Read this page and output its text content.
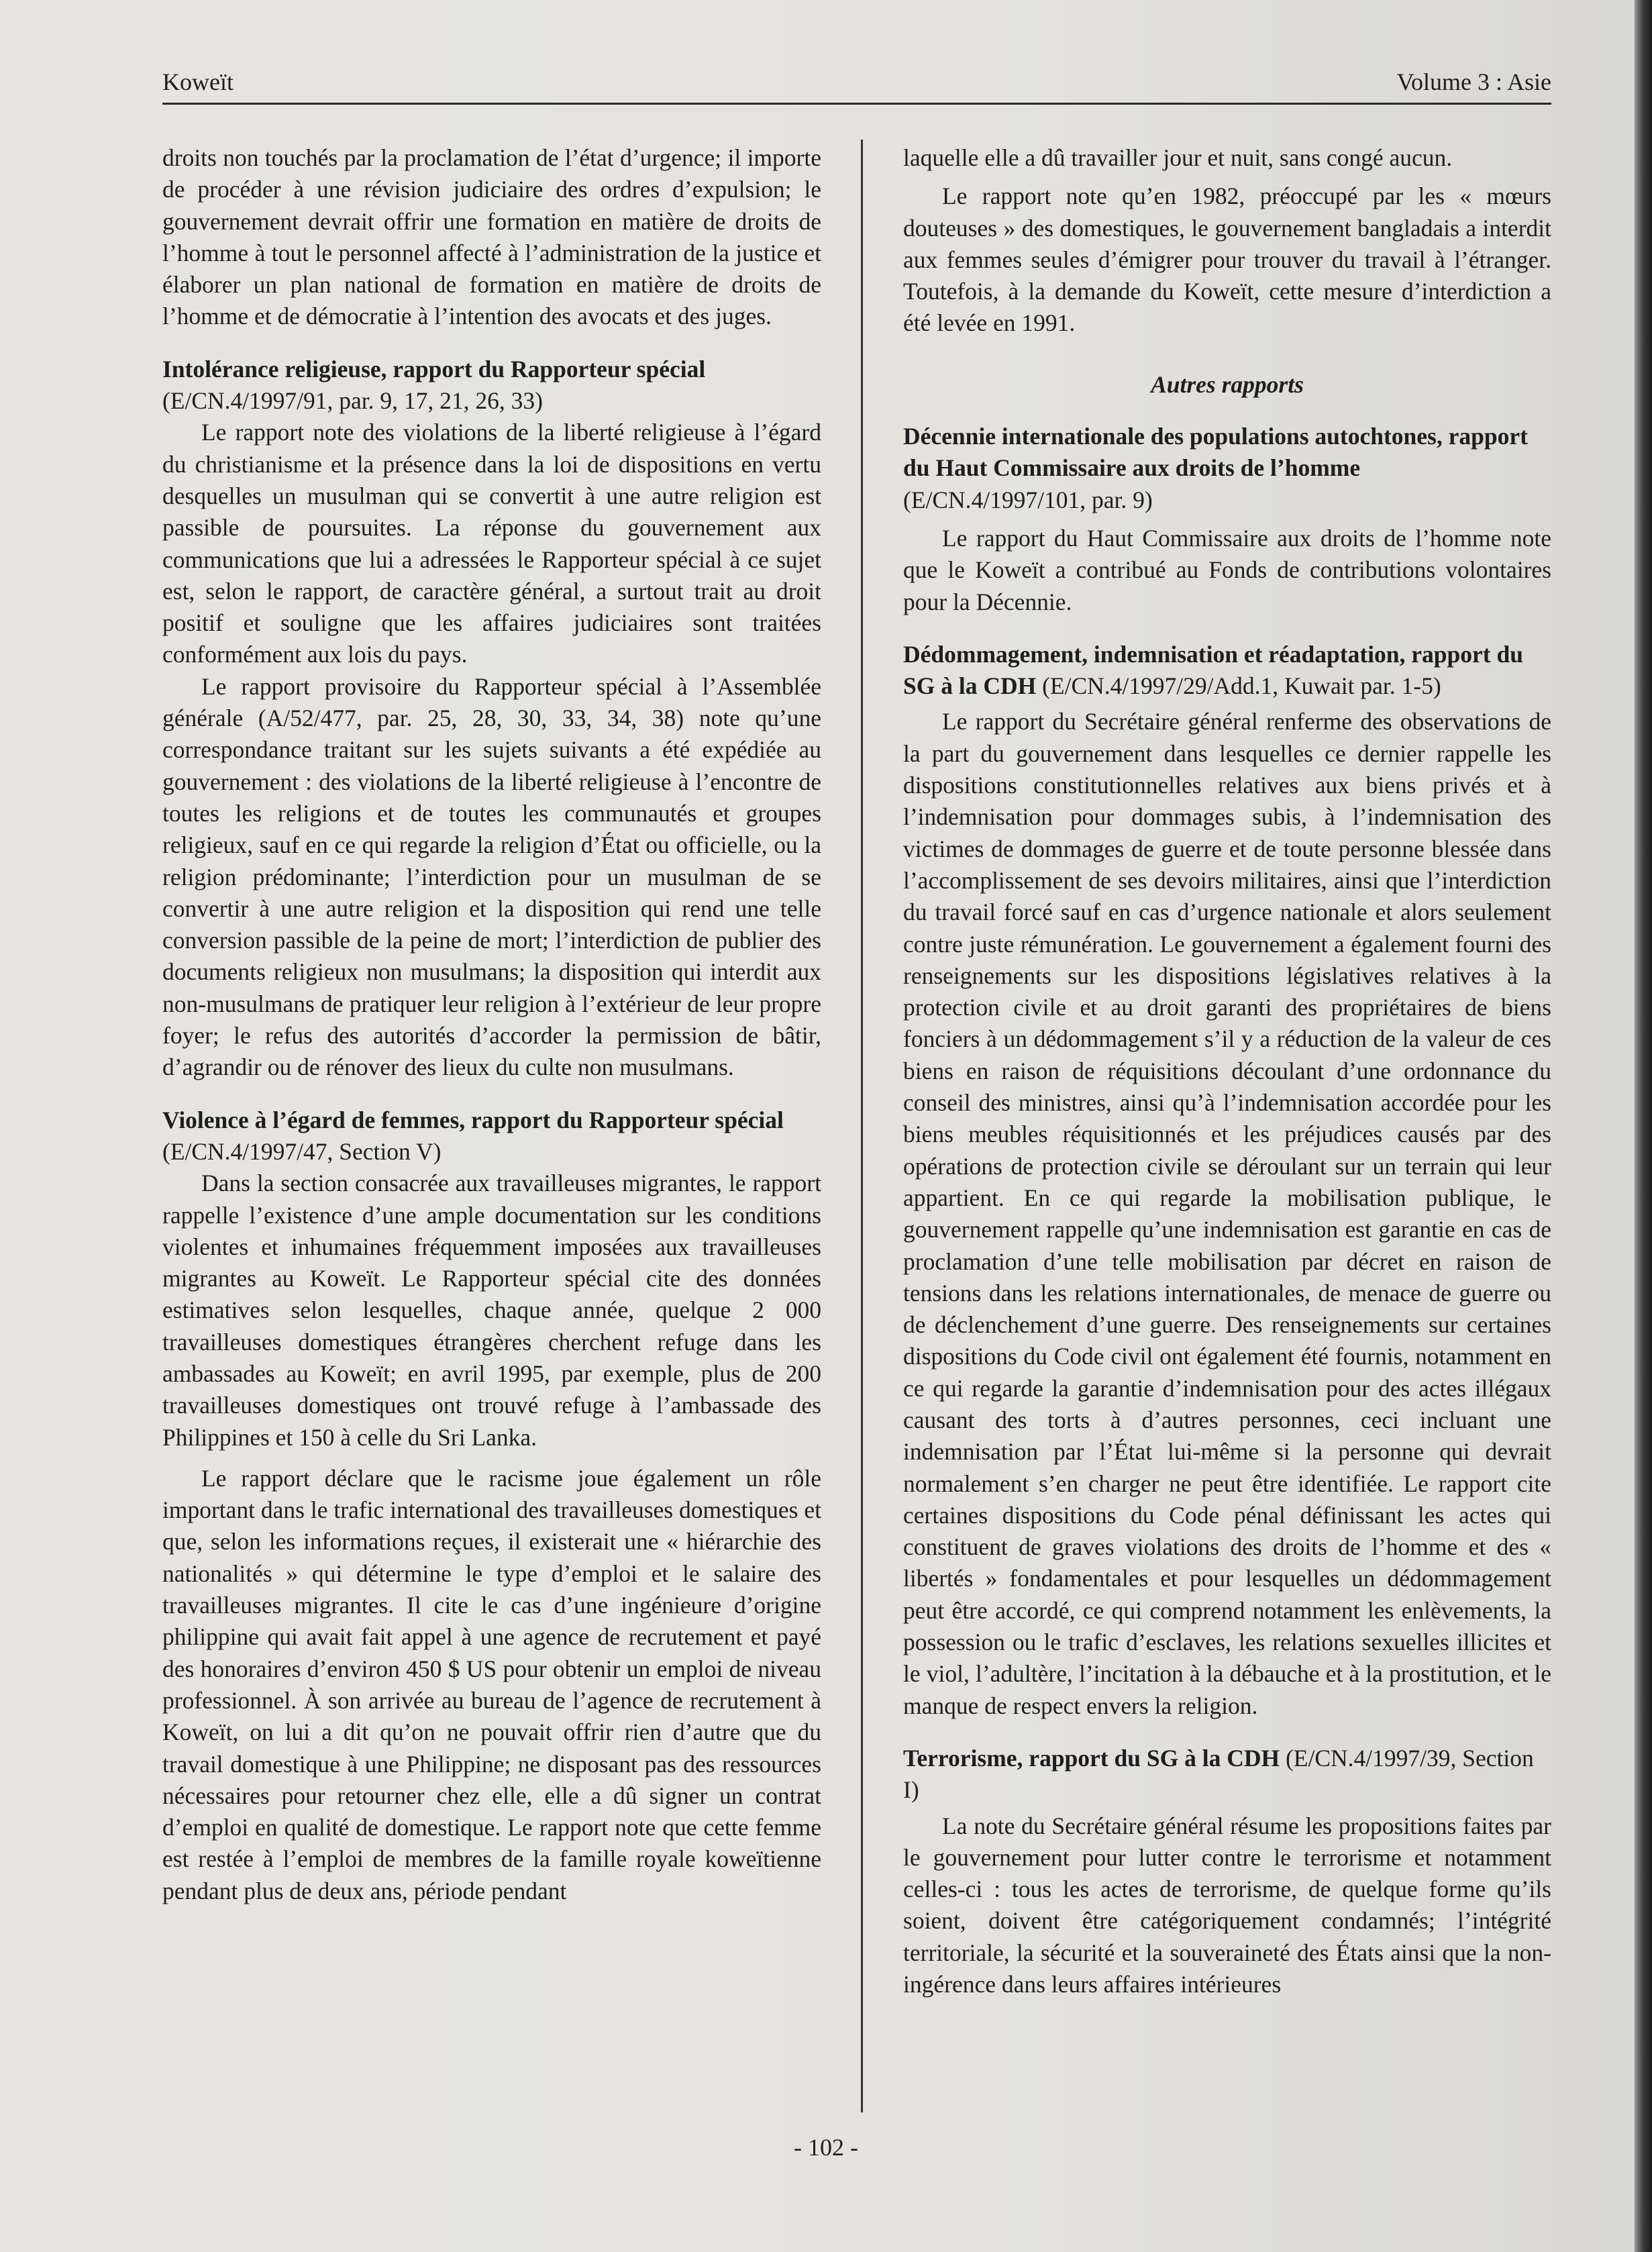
Koweït	Volume 3 : Asie

droits non touchés par la proclamation de l’état d’urgence; il importe de procéder à une révision judiciaire des ordres d’expulsion; le gouvernement devrait offrir une formation en matière de droits de l’homme à tout le personnel affecté à l’administration de la justice et élaborer un plan national de formation en matière de droits de l’homme et de démocratie à l’intention des avocats et des juges.

Intolérance religieuse, rapport du Rapporteur spécial
(E/CN.4/1997/91, par. 9, 17, 21, 26, 33)

Le rapport note des violations de la liberté religieuse à l’égard du christianisme et la présence dans la loi de dispositions en vertu desquelles un musulman qui se convertit à une autre religion est passible de poursuites. La réponse du gouvernement aux communications que lui a adressées le Rapporteur spécial à ce sujet est, selon le rapport, de caractère général, a surtout trait au droit positif et souligne que les affaires judiciaires sont traitées conformément aux lois du pays.

Le rapport provisoire du Rapporteur spécial à l’Assemblée générale (A/52/477, par. 25, 28, 30, 33, 34, 38) note qu’une correspondance traitant sur les sujets suivants a été expédiée au gouvernement : des violations de la liberté religieuse à l’encontre de toutes les religions et de toutes les communautés et groupes religieux, sauf en ce qui regarde la religion d’État ou officielle, ou la religion prédominante; l’interdiction pour un musulman de se convertir à une autre religion et la disposition qui rend une telle conversion passible de la peine de mort; l’interdiction de publier des documents religieux non musulmans; la disposition qui interdit aux non-musulmans de pratiquer leur religion à l’extérieur de leur propre foyer; le refus des autorités d’accorder la permission de bâtir, d’agrandir ou de rénover des lieux du culte non musulmans.

Violence à l’égard de femmes, rapport du Rapporteur spécial (E/CN.4/1997/47, Section V)

Dans la section consacrée aux travailleuses migrantes, le rapport rappelle l’existence d’une ample documentation sur les conditions violentes et inhumaines fréquemment imposées aux travailleuses migrantes au Koweït. Le Rapporteur spécial cite des données estimatives selon lesquelles, chaque année, quelque 2 000 travailleuses domestiques étrangères cherchent refuge dans les ambassades au Koweït; en avril 1995, par exemple, plus de 200 travailleuses domestiques ont trouvé refuge à l’ambassade des Philippines et 150 à celle du Sri Lanka.

Le rapport déclare que le racisme joue également un rôle important dans le trafic international des travailleuses domestiques et que, selon les informations reçues, il existerait une « hiérarchie des nationalités » qui détermine le type d’emploi et le salaire des travailleuses migrantes. Il cite le cas d’une ingénieure d’origine philippine qui avait fait appel à une agence de recrutement et payé des honoraires d’environ 450 $ US pour obtenir un emploi de niveau professionnel. À son arrivée au bureau de l’agence de recrutement à Koweït, on lui a dit qu’on ne pouvait offrir rien d’autre que du travail domestique à une Philippine; ne disposant pas des ressources nécessaires pour retourner chez elle, elle a dû signer un contrat d’emploi en qualité de domestique. Le rapport note que cette femme est restée à l’emploi de membres de la famille royale koweïtienne pendant plus de deux ans, période pendant

laquelle elle a dû travailler jour et nuit, sans congé aucun.

Le rapport note qu’en 1982, préoccupé par les « mœurs douteuses » des domestiques, le gouvernement bangladais a interdit aux femmes seules d’émigrer pour trouver du travail à l’étranger. Toutefois, à la demande du Koweït, cette mesure d’interdiction a été levée en 1991.

Autres rapports
Décennie internationale des populations autochtones, rapport du Haut Commissaire aux droits de l’homme
(E/CN.4/1997/101, par. 9)

Le rapport du Haut Commissaire aux droits de l’homme note que le Koweït a contribué au Fonds de contributions volontaires pour la Décennie.

Dédommagement, indemnisation et réadaptation, rapport du SG à la CDH (E/CN.4/1997/29/Add.1, Kuwait par. 1-5)

Le rapport du Secrétaire général renferme des observations de la part du gouvernement dans lesquelles ce dernier rappelle les dispositions constitutionnelles relatives aux biens privés et à l’indemnisation pour dommages subis, à l’indemnisation des victimes de dommages de guerre et de toute personne blessée dans l’accomplissement de ses devoirs militaires, ainsi que l’interdiction du travail forcé sauf en cas d’urgence nationale et alors seulement contre juste rémunération. Le gouvernement a également fourni des renseignements sur les dispositions législatives relatives à la protection civile et au droit garanti des propriétaires de biens fonciers à un dédommagement s’il y a réduction de la valeur de ces biens en raison de réquisitions découlant d’une ordonnance du conseil des ministres, ainsi qu’à l’indemnisation accordée pour les biens meubles réquisitionnés et les préjudices causés par des opérations de protection civile se déroulant sur un terrain qui leur appartient. En ce qui regarde la mobilisation publique, le gouvernement rappelle qu’une indemnisation est garantie en cas de proclamation d’une telle mobilisation par décret en raison de tensions dans les relations internationales, de menace de guerre ou de déclenchement d’une guerre. Des renseignements sur certaines dispositions du Code civil ont également été fournis, notamment en ce qui regarde la garantie d’indemnisation pour des actes illégaux causant des torts à d’autres personnes, ceci incluant une indemnisation par l’État lui-même si la personne qui devrait normalement s’en charger ne peut être identifiée. Le rapport cite certaines dispositions du Code pénal définissant les actes qui constituent de graves violations des droits de l’homme et des « libertés » fondamentales et pour lesquelles un dédommagement peut être accordé, ce qui comprend notamment les enlèvements, la possession ou le trafic d’esclaves, les relations sexuelles illicites et le viol, l’adultère, l’incitation à la débauche et à la prostitution, et le manque de respect envers la religion.

Terrorisme, rapport du SG à la CDH (E/CN.4/1997/39, Section I)

La note du Secrétaire général résume les propositions faites par le gouvernement pour lutter contre le terrorisme et notamment celles-ci : tous les actes de terrorisme, de quelque forme qu’ils soient, doivent être catégoriquement condamnés; l’intégrité territoriale, la sécurité et la souveraineté des États ainsi que la non-ingérence dans leurs affaires intérieures

- 102 -
